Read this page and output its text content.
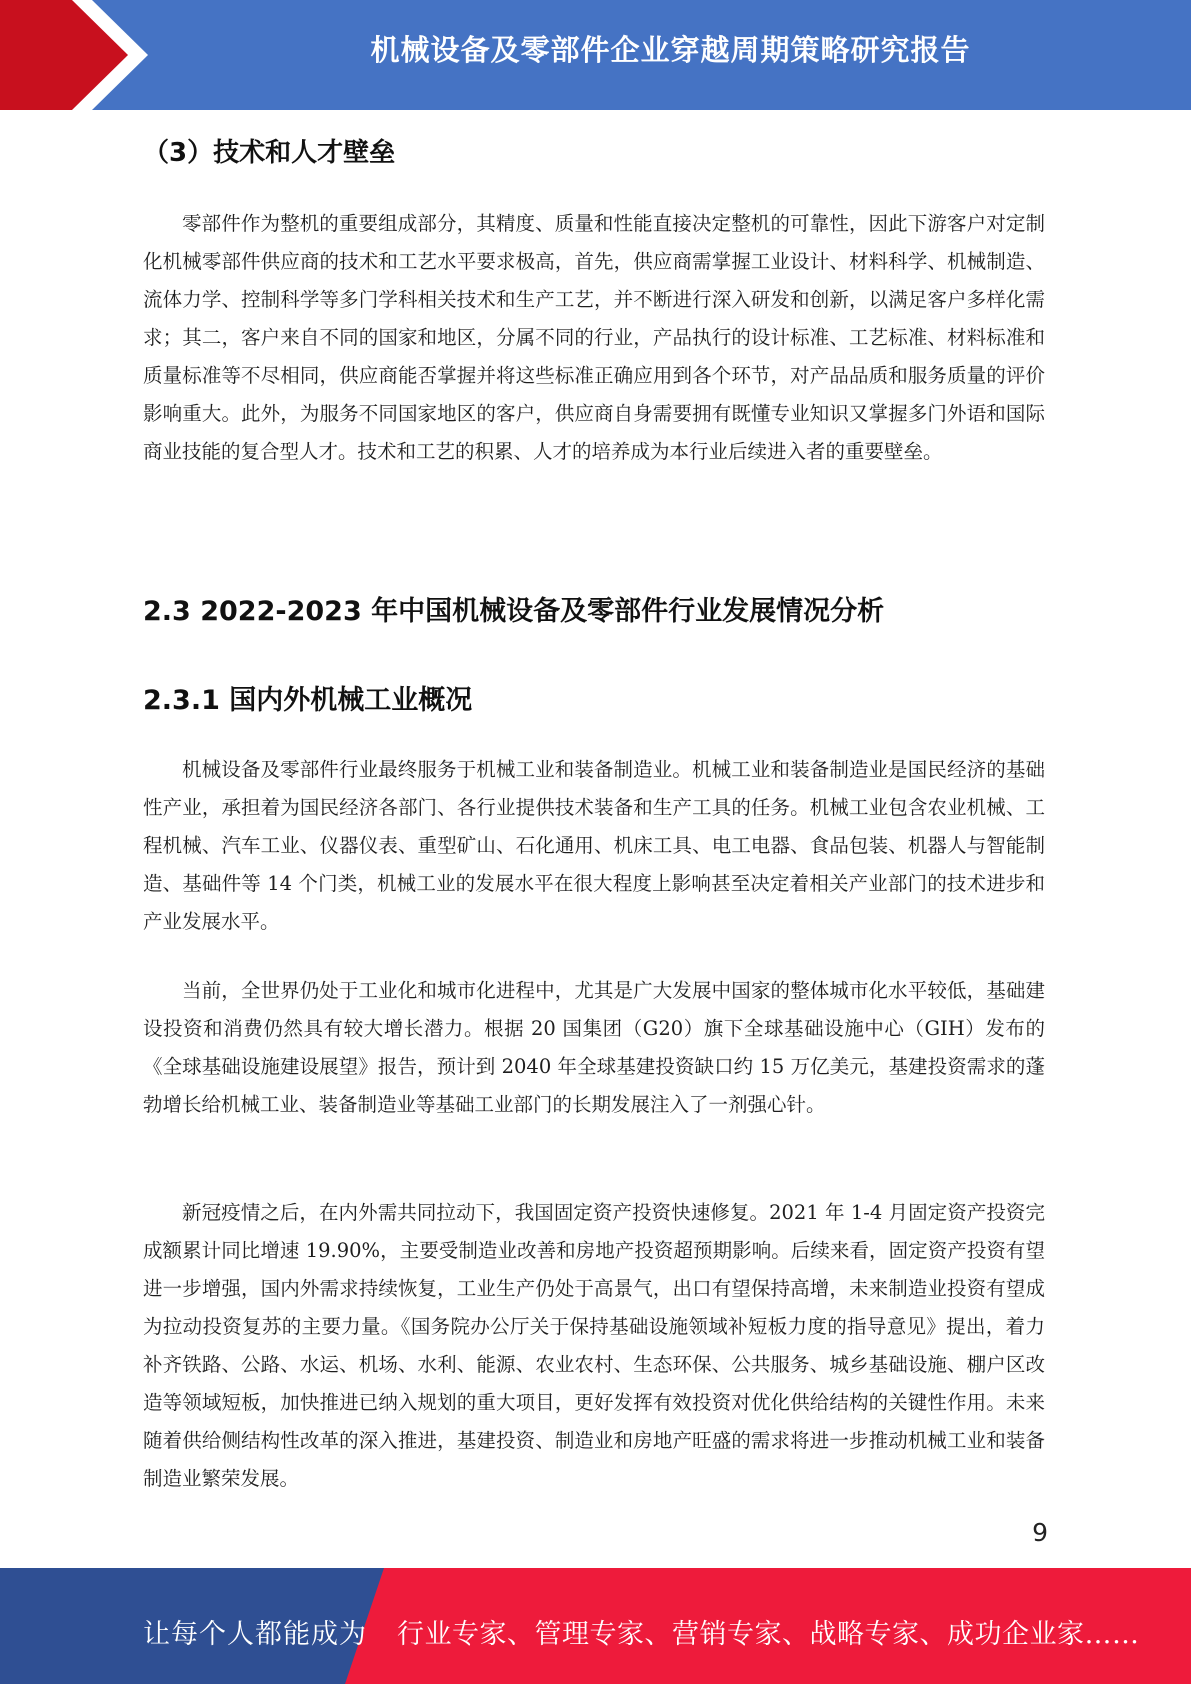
机械设备及零部件企业穿越周期策略研究报告
（3）技术和人才壁垒

零部件作为整机的重要组成部分，其精度、质量和性能直接决定整机的可靠性，因此下游客户对定制化机械零部件供应商的技术和工艺水平要求极高，首先，供应商需掌握工业设计、材料科学、机械制造、流体力学、控制科学等多门学科相关技术和生产工艺，并不断进行深入研发和创新，以满足客户多样化需求；其二，客户来自不同的国家和地区，分属不同的行业，产品执行的设计标准、工艺标准、材料标准和质量标准等不尽相同，供应商能否掌握并将这些标准正确应用到各个环节，对产品品质和服务质量的评价影响重大。此外，为服务不同国家地区的客户，供应商自身需要拥有既懂专业知识又掌握多门外语和国际商业技能的复合型人才。技术和工艺的积累、人才的培养成为本行业后续进入者的重要壁垒。

2.3 2022-2023 年中国机械设备及零部件行业发展情况分析
2.3.1 国内外机械工业概况

机械设备及零部件行业最终服务于机械工业和装备制造业。机械工业和装备制造业是国民经济的基础性产业，承担着为国民经济各部门、各行业提供技术装备和生产工具的任务。机械工业包含农业机械、工程机械、汽车工业、仪器仪表、重型矿山、石化通用、机床工具、电工电器、食品包装、机器人与智能制造、基础件等 14 个门类，机械工业的发展水平在很大程度上影响甚至决定着相关产业部门的技术进步和产业发展水平。

当前，全世界仍处于工业化和城市化进程中，尤其是广大发展中国家的整体城市化水平较低，基础建设投资和消费仍然具有较大增长潜力。根据 20 国集团（G20）旗下全球基础设施中心（GIH）发布的《全球基础设施建设展望》报告，预计到 2040 年全球基建投资缺口约 15 万亿美元，基建投资需求的蓬勃增长给机械工业、装备制造业等基础工业部门的长期发展注入了一剂强心针。

新冠疫情之后，在内外需共同拉动下，我国固定资产投资快速修复。2021 年 1-4 月固定资产投资完成额累计同比增速 19.90%，主要受制造业改善和房地产投资超预期影响。后续来看，固定资产投资有望进一步增强，国内外需求持续恢复，工业生产仍处于高景气，出口有望保持高增，未来制造业投资有望成为拉动投资复苏的主要力量。《国务院办公厅关于保持基础设施领域补短板力度的指导意见》提出，着力补齐铁路、公路、水运、机场、水利、能源、农业农村、生态环保、公共服务、城乡基础设施、棚户区改造等领域短板，加快推进已纳入规划的重大项目，更好发挥有效投资对优化供给结构的关键性作用。未来随着供给侧结构性改革的深入推进，基建投资、制造业和房地产旺盛的需求将进一步推动机械工业和装备制造业繁荣发展。

9
让每个人都能成为 行业专家、管理专家、营销专家、战略专家、成功企业家……
